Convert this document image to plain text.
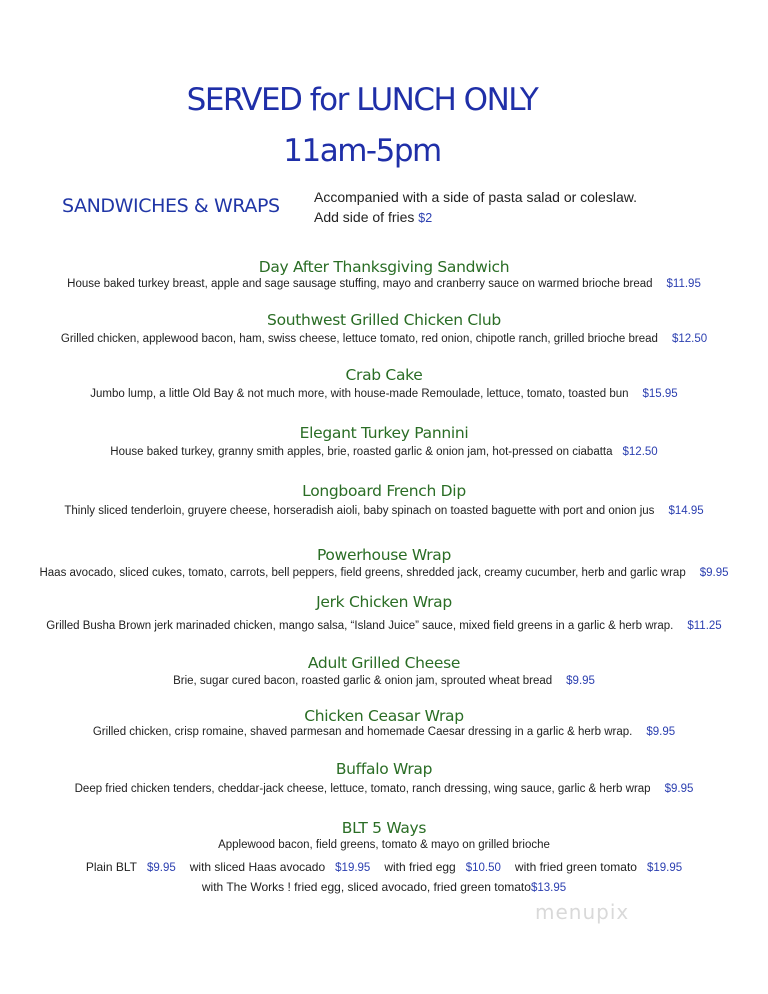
SERVED for LUNCH ONLY
11am-5pm
SANDWICHES & WRAPS Accompanied with a side of pasta salad or coleslaw.
Add side of fries $2
Day After Thanksgiving Sandwich
House baked turkey breast, apple and sage sausage stuffing, mayo and cranberry sauce on warmed brioche bread $11.95
Southwest Grilled Chicken Club
Grilled chicken, applewood bacon, ham, swiss cheese, lettuce tomato, red onion, chipotle ranch, grilled brioche bread $12.50
Crab Cake
Jumbo lump, a little Old Bay & not much more, with house-made Remoulade, lettuce, tomato, toasted bun $15.95
Elegant Turkey Pannini
House baked turkey, granny smith apples, brie, roasted garlic & onion jam, hot-pressed on ciabatta $12.50
Longboard French Dip
Thinly sliced tenderloin, gruyere cheese, horseradish aioli, baby spinach on toasted baguette with port and onion jus $14.95
Powerhouse Wrap
Haas avocado, sliced cukes, tomato, carrots, bell peppers, field greens, shredded jack, creamy cucumber, herb and garlic wrap $9.95
Jerk Chicken Wrap
Grilled Busha Brown jerk marinaded chicken, mango salsa, “Island Juice” sauce, mixed field greens in a garlic & herb wrap. $11.25
Adult Grilled Cheese
Brie, sugar cured bacon, roasted garlic & onion jam, sprouted wheat bread $9.95
Chicken Ceasar Wrap
Grilled chicken, crisp romaine, shaved parmesan and homemade Caesar dressing in a garlic & herb wrap. $9.95
Buffalo Wrap
Deep fried chicken tenders, cheddar-jack cheese, lettuce, tomato, ranch dressing, wing sauce, garlic & herb wrap $9.95
BLT 5 Ways
Applewood bacon, field greens, tomato & mayo on grilled brioche
Plain BLT $9.95 with sliced Haas avocado $19.95 with fried egg $10.50 with fried green tomato $19.95
with The Works ! fried egg, sliced avocado, fried green tomato$13.95
menupix
